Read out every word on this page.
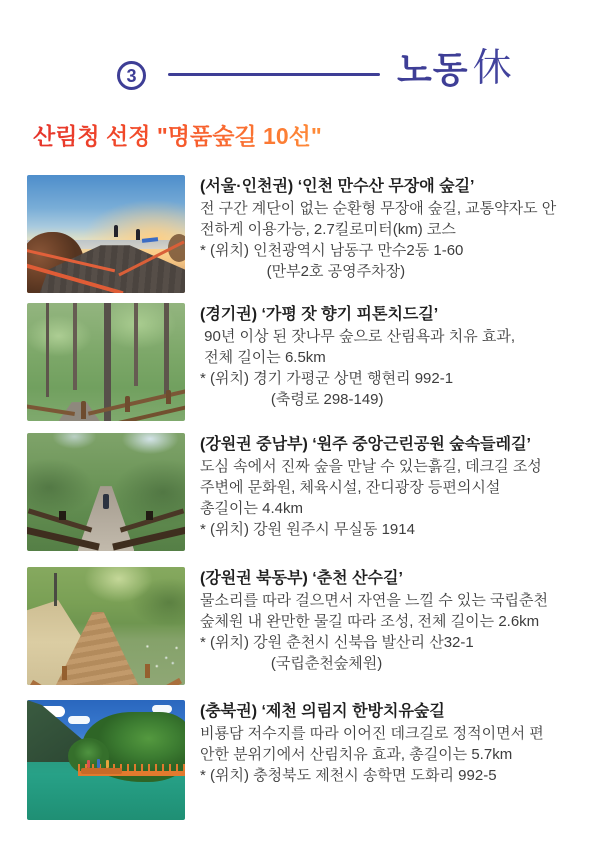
3	노동 休
산림청 선정 "명품숲길 10선"
(서울·인천권) ‘인천 만수산 무장애 숲길’
전 구간 계단이 없는 순환형 무장애 숲길, 교통약자도 안
전하게 이용가능, 2.7킬로미터(km) 코스
* (위치) 인천광역시 남동구 만수2동 1-60
(만부2호 공영주차장)
(경기권) ‘가평 잣 향기 피톤치드길’
90년 이상 된 잣나무 숲으로 산림욕과 치유 효과,
전체 길이는 6.5km
* (위치) 경기 가평군 상면 행현리 992-1
(축령로 298-149)
(강원권 중남부) ‘원주 중앙근린공원 숲속들레길’
도심 속에서 진짜 숲을 만날 수 있는흙길, 데크길 조성
주변에 문화원, 체육시설, 잔디광장 등편의시설
총길이는 4.4km
* (위치) 강원 원주시 무실동 1914
(강원권 북동부) ‘춘천 산수길’
물소리를 따라 걸으면서 자연을 느낄 수 있는 국립춘천
숲체원 내 완만한 물길 따라 조성, 전체 길이는 2.6km
* (위치) 강원 춘천시 신북읍 발산리 산32-1
(국립춘천숲체원)
(충북권) ‘제천 의림지 한방치유숲길
비룡담 저수지를 따라 이어진 데크길로 정적이면서 편
안한 분위기에서 산림치유 효과, 총길이는 5.7km
* (위치) 충청북도 제천시 송학면 도화리 992-5
